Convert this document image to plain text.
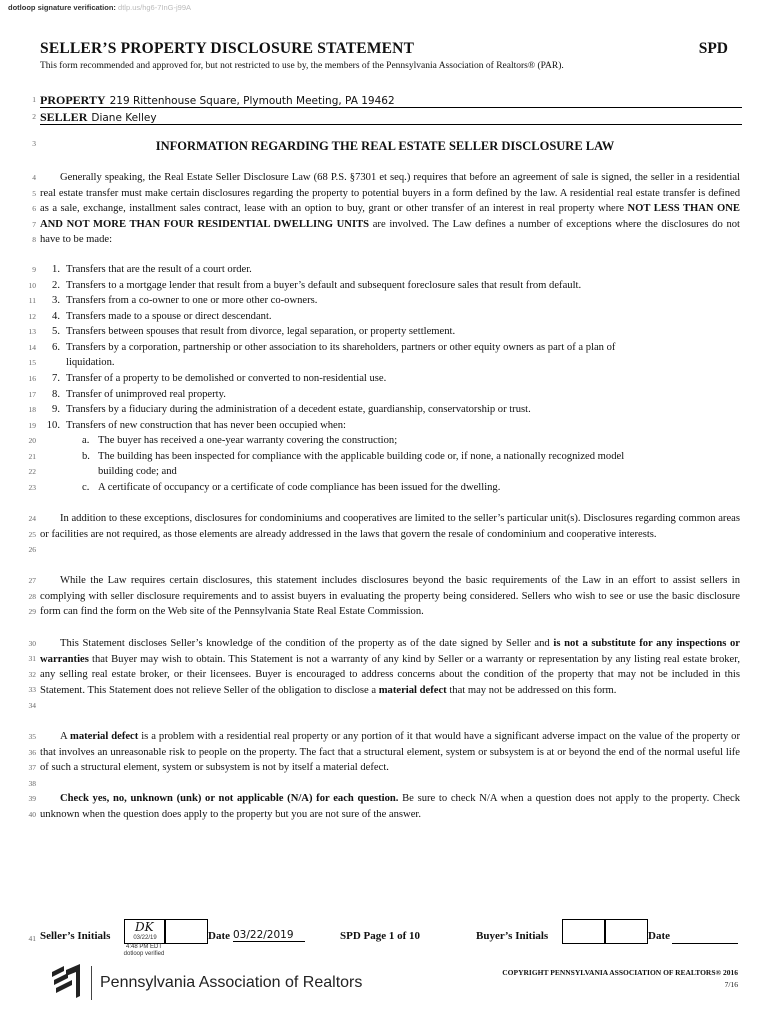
dotloop signature verification: dtlp.us/hg6-7InG-j99A
SELLER’S PROPERTY DISCLOSURE STATEMENT	SPD
This form recommended and approved for, but not restricted to use by, the members of the Pennsylvania Association of Realtors® (PAR).
1
2
3
4
5
6
7
8
9
10
11
12
13
14
15
16
17
18
19
20
21
22
23
24
25
26
27
28
29
30
31
32
33
34
35
36
37
38
39
40
41
PROPERTY 219 Rittenhouse Square, Plymouth Meeting, PA 19462
SELLER Diane Kelley
INFORMATION REGARDING THE REAL ESTATE SELLER DISCLOSURE LAW
Generally speaking, the Real Estate Seller Disclosure Law (68 P.S. §7301 et seq.) requires that before an agreement of sale is signed, the seller in a residential real estate transfer must make certain disclosures regarding the property to potential buyers in a form defined by the law. A residential real estate transfer is defined as a sale, exchange, installment sales contract, lease with an option to buy, grant or other transfer of an interest in real property where NOT LESS THAN ONE AND NOT MORE THAN FOUR RESIDENTIAL DWELLING UNITS are involved. The Law defines a number of exceptions where the disclosures do not have to be made:
1. Transfers that are the result of a court order.
2. Transfers to a mortgage lender that result from a buyer’s default and subsequent foreclosure sales that result from default.
3. Transfers from a co-owner to one or more other co-owners.
4. Transfers made to a spouse or direct descendant.
5. Transfers between spouses that result from divorce, legal separation, or property settlement.
6. Transfers by a corporation, partnership or other association to its shareholders, partners or other equity owners as part of a plan of
liquidation.
7. Transfer of a property to be demolished or converted to non-residential use.
8. Transfer of unimproved real property.
9. Transfers by a fiduciary during the administration of a decedent estate, guardianship, conservatorship or trust.
10. Transfers of new construction that has never been occupied when:
a. The buyer has received a one-year warranty covering the construction;
b. The building has been inspected for compliance with the applicable building code or, if none, a nationally recognized model
building code; and
c. A certificate of occupancy or a certificate of code compliance has been issued for the dwelling.
In addition to these exceptions, disclosures for condominiums and cooperatives are limited to the seller’s particular unit(s). Disclosures regarding common areas or facilities are not required, as those elements are already addressed in the laws that govern the resale of condominium and cooperative interests.
While the Law requires certain disclosures, this statement includes disclosures beyond the basic requirements of the Law in an effort to assist sellers in complying with seller disclosure requirements and to assist buyers in evaluating the property being considered. Sellers who wish to see or use the basic disclosure form can find the form on the Web site of the Pennsylvania State Real Estate Commission.
This Statement discloses Seller’s knowledge of the condition of the property as of the date signed by Seller and is not a substitute for any inspections or warranties that Buyer may wish to obtain. This Statement is not a warranty of any kind by Seller or a warranty or representation by any listing real estate broker, any selling real estate broker, or their licensees. Buyer is encouraged to address concerns about the condition of the property that may not be included in this Statement. This Statement does not relieve Seller of the obligation to disclose a material defect that may not be addressed on this form.
A material defect is a problem with a residential real property or any portion of it that would have a significant adverse impact on the value of the property or that involves an unreasonable risk to people on the property. The fact that a structural element, system or subsystem is at or beyond the end of the normal useful life of such a structural element, system or subsystem is not by itself a material defect.
Check yes, no, unknown (unk) or not applicable (N/A) for each question. Be sure to check N/A when a question does not apply to the property. Check unknown when the question does apply to the property but you are not sure of the answer.
Seller’s Initials
DK
03/22/19
4:48 PM EDT
dotloop verified
Date 03/22/2019	SPD Page 1 of 10	Buyer’s Initials	Date
Pennsylvania Association of Realtors
COPYRIGHT PENNSYLVANIA ASSOCIATION OF REALTORS® 2016
7/16
